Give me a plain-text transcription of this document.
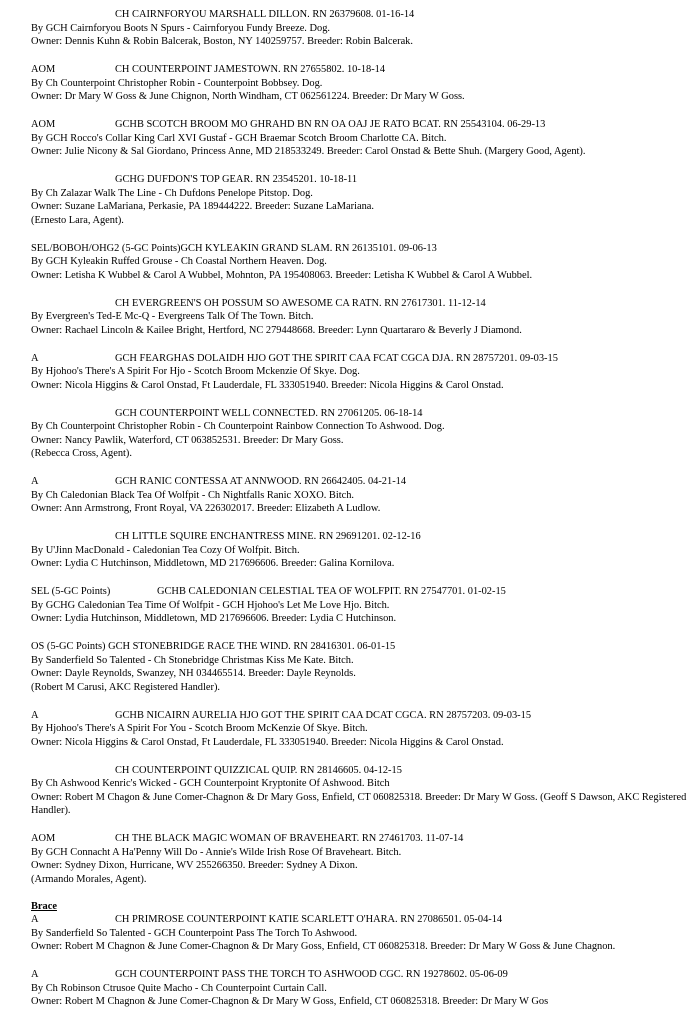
CH CAIRNFORYOU MARSHALL DILLON. RN 26379608. 01-16-14
By GCH Cairnforyou Boots N Spurs - Cairnforyou Fundy Breeze. Dog.
Owner: Dennis Kuhn & Robin Balcerak, Boston, NY 140259757. Breeder: Robin Balcerak.
AOM	CH COUNTERPOINT JAMESTOWN. RN 27655802. 10-18-14
By Ch Counterpoint Christopher Robin - Counterpoint Bobbsey. Dog.
Owner: Dr Mary W Goss & June Chignon, North Windham, CT 062561224. Breeder: Dr Mary W Goss.
AOM	GCHB SCOTCH BROOM MO GHRAHD BN RN OA OAJ JE RATO BCAT. RN 25543104. 06-29-13
By GCH Rocco's Collar King Carl XVI Gustaf - GCH Braemar Scotch Broom Charlotte CA. Bitch.
Owner: Julie Nicony & Sal Giordano, Princess Anne, MD 218533249. Breeder: Carol Onstad & Bette Shuh. (Margery Good, Agent).
GCHG DUFDON'S TOP GEAR. RN 23545201. 10-18-11
By Ch Zalazar Walk The Line - Ch Dufdons Penelope Pitstop. Dog.
Owner: Suzane LaMariana, Perkasie, PA 189444222. Breeder: Suzane LaMariana.
(Ernesto Lara, Agent).
SEL/BOBOH/OHG2 (5-GC Points)GCH KYLEAKIN GRAND SLAM. RN 26135101. 09-06-13
By GCH Kyleakin Ruffed Grouse - Ch Coastal Northern Heaven. Dog.
Owner: Letisha K Wubbel & Carol A Wubbel, Mohnton, PA 195408063. Breeder: Letisha K Wubbel & Carol A Wubbel.
CH EVERGREEN'S OH POSSUM SO AWESOME CA RATN. RN 27617301. 11-12-14
By Evergreen's Ted-E Mc-Q - Evergreens Talk Of The Town. Bitch.
Owner: Rachael Lincoln & Kailee Bright, Hertford, NC 279448668. Breeder: Lynn Quartararo & Beverly J Diamond.
A	GCH FEARGHAS DOLAIDH HJO GOT THE SPIRIT CAA FCAT CGCA DJA. RN 28757201. 09-03-15
By Hjohoo's There's A Spirit For Hjo - Scotch Broom Mckenzie Of Skye. Dog.
Owner: Nicola Higgins & Carol Onstad, Ft Lauderdale, FL 333051940. Breeder: Nicola Higgins & Carol Onstad.
GCH COUNTERPOINT WELL CONNECTED. RN 27061205. 06-18-14
By Ch Counterpoint Christopher Robin - Ch Counterpoint Rainbow Connection To Ashwood. Dog.
Owner: Nancy Pawlik, Waterford, CT 063852531. Breeder: Dr Mary Goss.
(Rebecca Cross, Agent).
A	GCH RANIC CONTESSA AT ANNWOOD. RN 26642405. 04-21-14
By Ch Caledonian Black Tea Of Wolfpit - Ch Nightfalls Ranic XOXO. Bitch.
Owner: Ann Armstrong, Front Royal, VA 226302017. Breeder: Elizabeth A Ludlow.
CH LITTLE SQUIRE ENCHANTRESS MINE. RN 29691201. 02-12-16
By U'Jinn MacDonald - Caledonian Tea Cozy Of Wolfpit. Bitch.
Owner: Lydia C Hutchinson, Middletown, MD 217696606. Breeder: Galina Kornilova.
SEL (5-GC Points)	GCHB CALEDONIAN CELESTIAL TEA OF WOLFPIT. RN 27547701. 01-02-15
By GCHG Caledonian Tea Time Of Wolfpit - GCH Hjohoo's Let Me Love Hjo. Bitch.
Owner: Lydia Hutchinson, Middletown, MD 217696606. Breeder: Lydia C Hutchinson.
OS (5-GC Points) GCH STONEBRIDGE RACE THE WIND. RN 28416301. 06-01-15
By Sanderfield So Talented - Ch Stonebridge Christmas Kiss Me Kate. Bitch.
Owner: Dayle Reynolds, Swanzey, NH 034465514. Breeder: Dayle Reynolds.
(Robert M Carusi, AKC Registered Handler).
A	GCHB NICAIRN AURELIA HJO GOT THE SPIRIT CAA DCAT CGCA. RN 28757203. 09-03-15
By Hjohoo's There's A Spirit For You - Scotch Broom McKenzie Of Skye. Bitch.
Owner: Nicola Higgins & Carol Onstad, Ft Lauderdale, FL 333051940. Breeder: Nicola Higgins & Carol Onstad.
CH COUNTERPOINT QUIZZICAL QUIP. RN 28146605. 04-12-15
By Ch Ashwood Kenric's Wicked - GCH Counterpoint Kryptonite Of Ashwood. Bitch
Owner: Robert M Chagon & June Comer-Chagnon & Dr Mary Goss, Enfield, CT 060825318. Breeder: Dr Mary W Goss. (Geoff S Dawson, AKC Registered Handler).
AOM	CH THE BLACK MAGIC WOMAN OF BRAVEHEART. RN 27461703. 11-07-14
By GCH Connacht A Ha'Penny Will Do - Annie's Wilde Irish Rose Of Braveheart. Bitch.
Owner: Sydney Dixon, Hurricane, WV 255266350. Breeder: Sydney A Dixon.
(Armando Morales, Agent).
Brace
A	CH PRIMROSE COUNTERPOINT KATIE SCARLETT O'HARA. RN 27086501. 05-04-14
By Sanderfield So Talented - GCH Counterpoint Pass The Torch To Ashwood.
Owner: Robert M Chagnon & June Comer-Chagnon & Dr Mary Goss, Enfield, CT 060825318. Breeder: Dr Mary W Goss & June Chagnon.
A	GCH COUNTERPOINT PASS THE TORCH TO ASHWOOD CGC. RN 19278602. 05-06-09
By Ch Robinson Ctrusoe Quite Macho - Ch Counterpoint Curtain Call.
Owner: Robert M Chagnon & June Comer-Chagnon & Dr Mary W Goss, Enfield, CT 060825318. Breeder: Dr Mary W Gos
